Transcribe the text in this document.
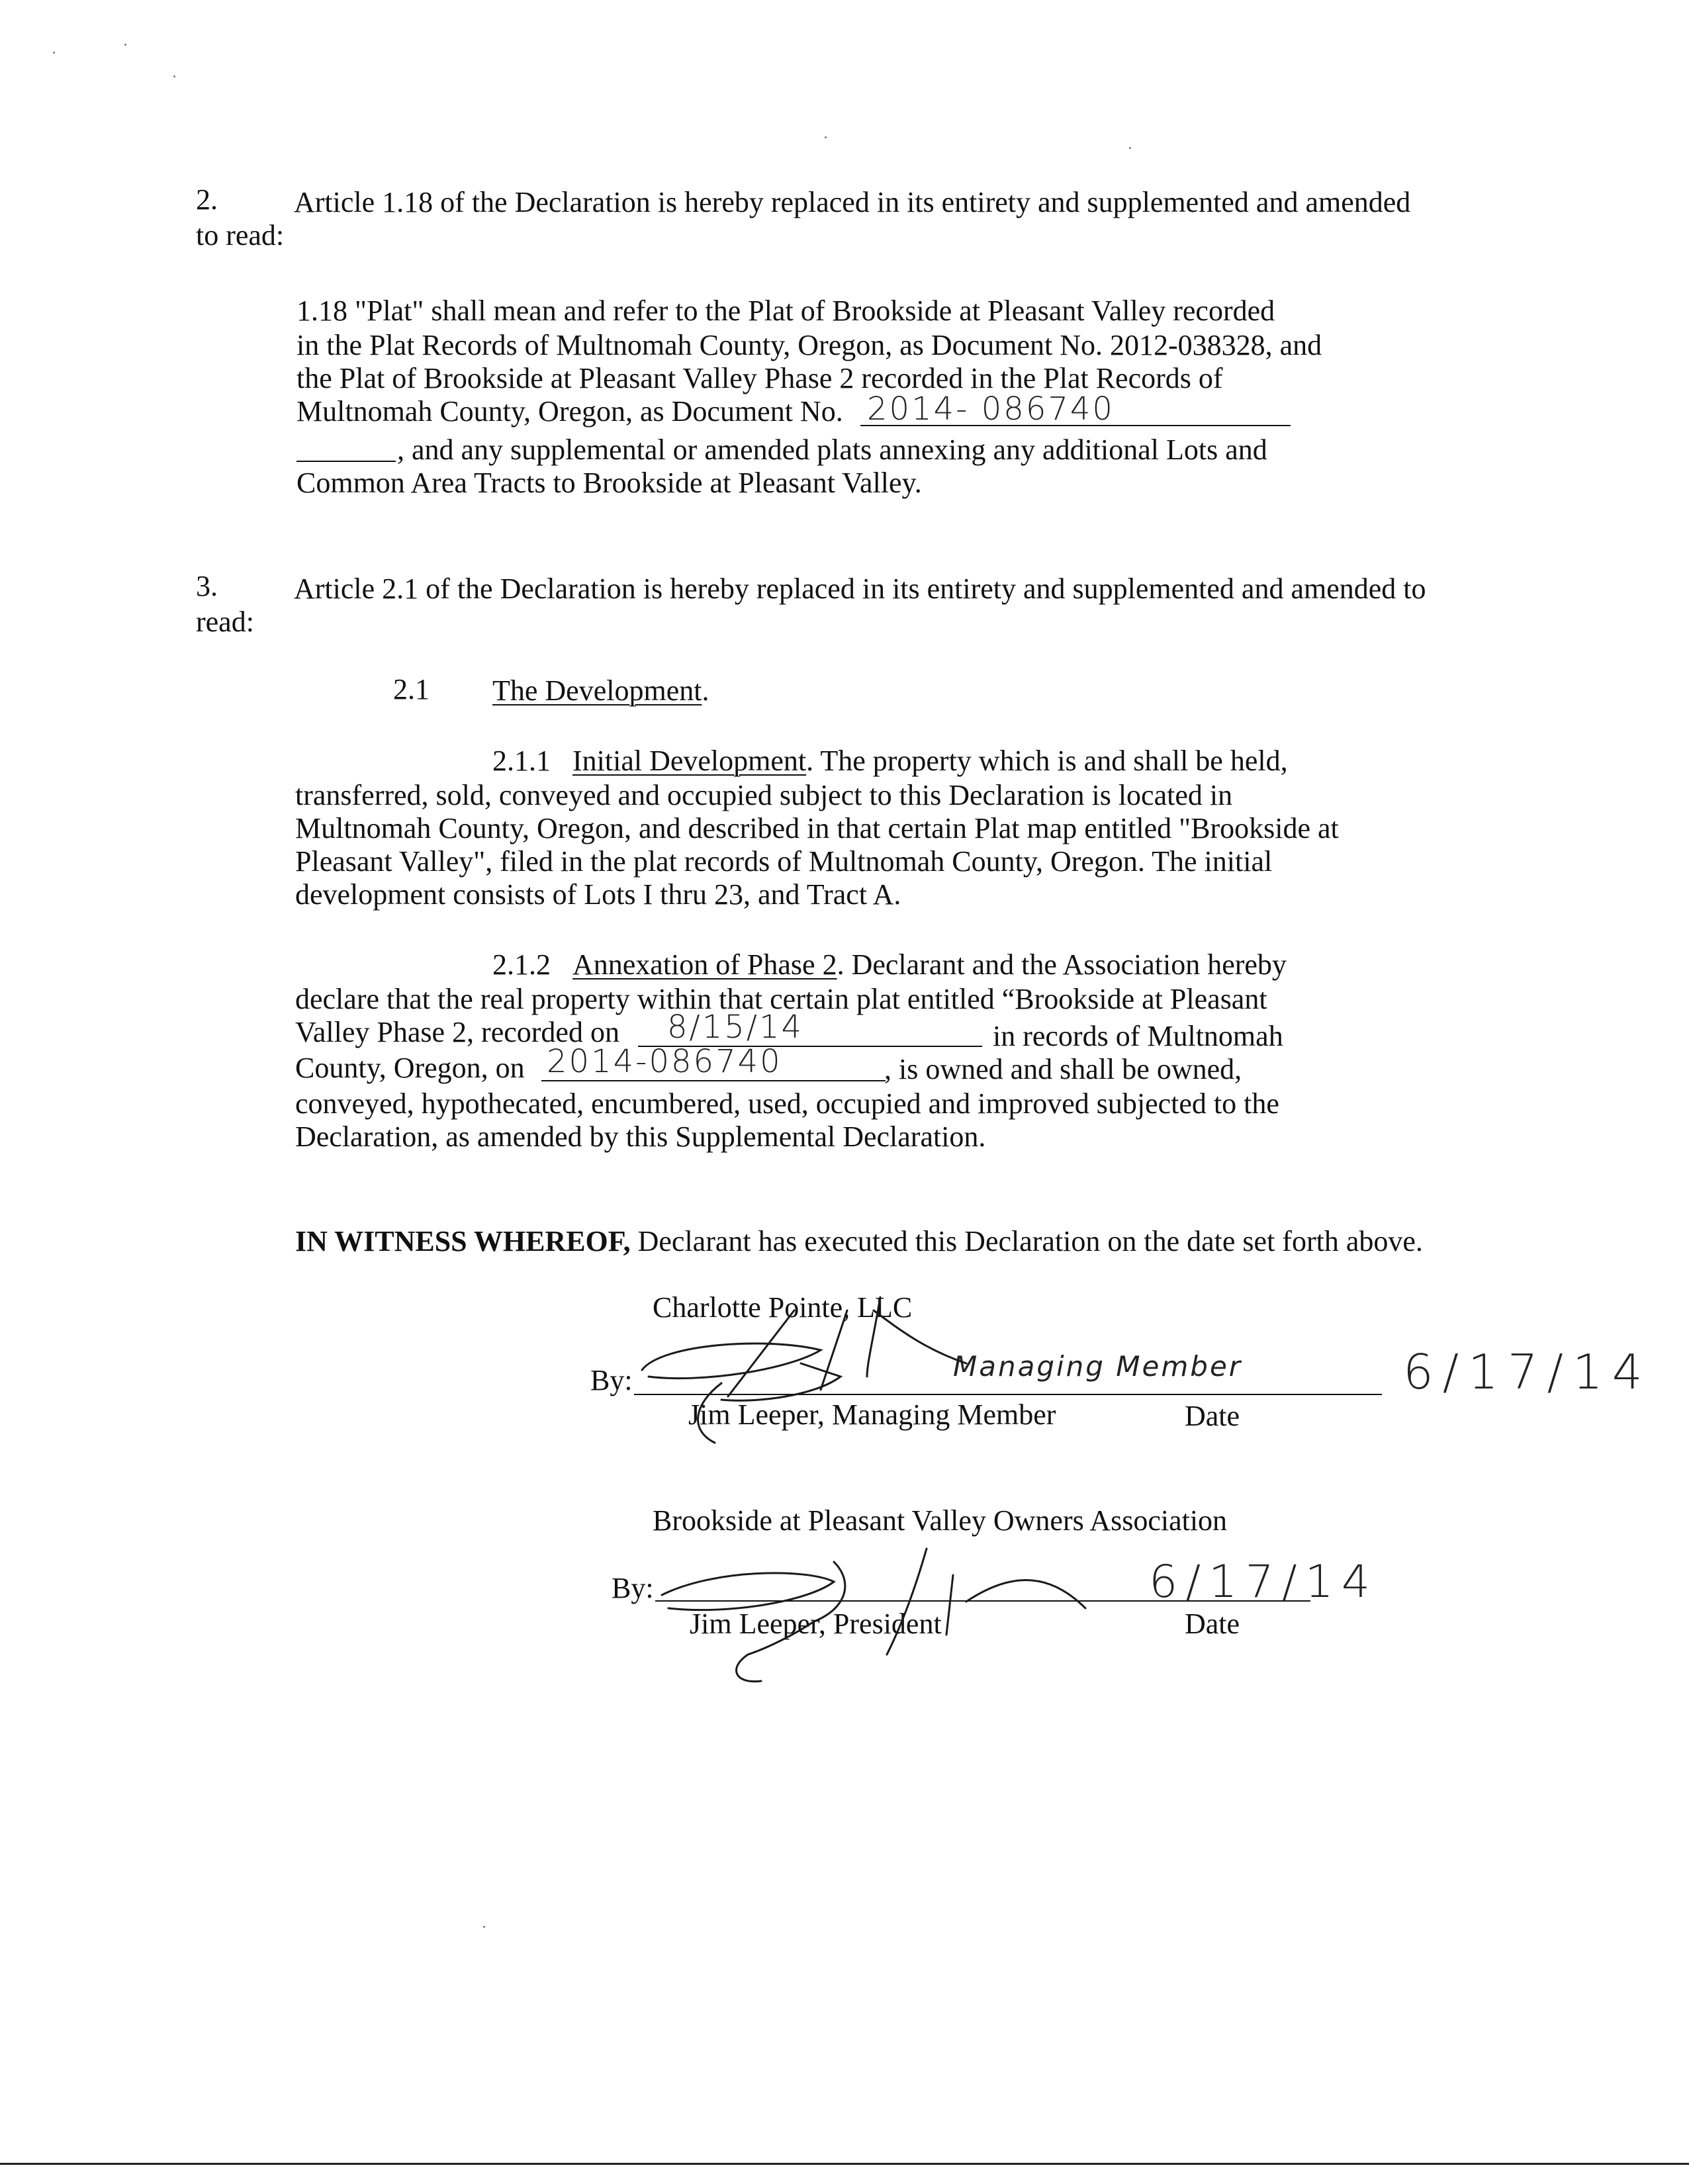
2.	Article 1.18 of the Declaration is hereby replaced in its entirety and supplemented and amended
to read:
1.18 "Plat" shall mean and refer to the Plat of Brookside at Pleasant Valley recorded
in the Plat Records of Multnomah County, Oregon, as Document No. 2012-038328, and
the Plat of Brookside at Pleasant Valley Phase 2 recorded in the Plat Records of
Multnomah County, Oregon, as Document No. 2014- 086740
, and any supplemental or amended plats annexing any additional Lots and
Common Area Tracts to Brookside at Pleasant Valley.
3.	Article 2.1 of the Declaration is hereby replaced in its entirety and supplemented and amended to
read:
2.1 The Development.
2.1.1 Initial Development. The property which is and shall be held,
transferred, sold, conveyed and occupied subject to this Declaration is located in
Multnomah County, Oregon, and described in that certain Plat map entitled "Brookside at
Pleasant Valley", filed in the plat records of Multnomah County, Oregon. The initial
development consists of Lots I thru 23, and Tract A.
2.1.2 Annexation of Phase 2. Declarant and the Association hereby
declare that the real property within that certain plat entitled “Brookside at Pleasant
Valley Phase 2, recorded on 8/15/14	in records of Multnomah
County, Oregon, on 2014-086740	, is owned and shall be owned,
conveyed, hypothecated, encumbered, used, occupied and improved subjected to the
Declaration, as amended by this Supplemental Declaration.
IN WITNESS WHEREOF, Declarant has executed this Declaration on the date set forth above.
Charlotte Pointe, LLC
By:
Jim Leeper, Managing Member	Date
Managing Member	6/17/14
Brookside at Pleasant Valley Owners Association
By:
Jim Leeper, President	Date
6/17/14
